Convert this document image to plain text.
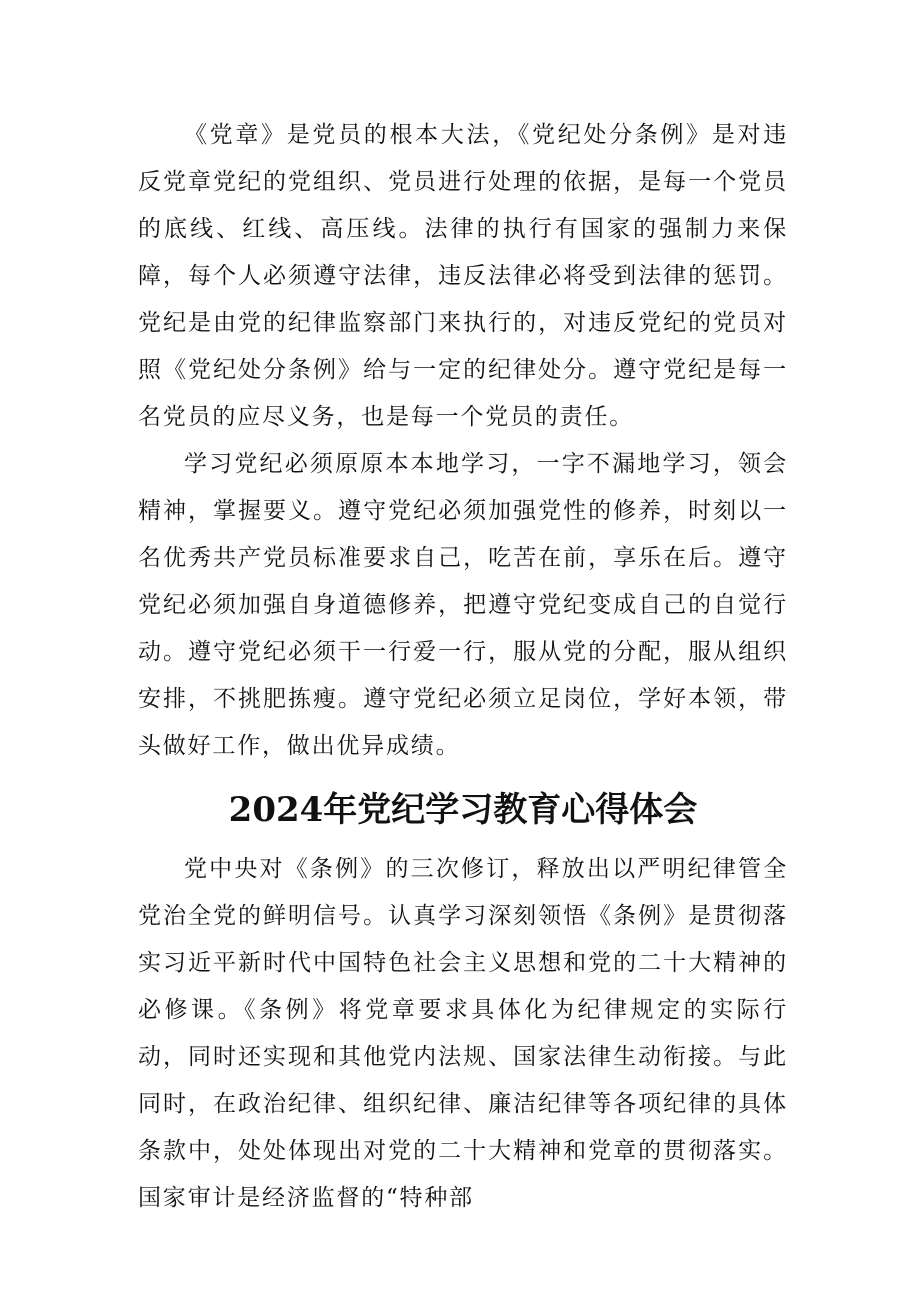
《党章》是党员的根本大法，《党纪处分条例》是对违反党章党纪的党组织、党员进行处理的依据，是每一个党员的底线、红线、高压线。法律的执行有国家的强制力来保障，每个人必须遵守法律，违反法律必将受到法律的惩罚。党纪是由党的纪律监察部门来执行的，对违反党纪的党员对照《党纪处分条例》给与一定的纪律处分。遵守党纪是每一名党员的应尽义务，也是每一个党员的责任。

学习党纪必须原原本本地学习，一字不漏地学习，领会精神，掌握要义。遵守党纪必须加强党性的修养，时刻以一名优秀共产党员标准要求自己，吃苦在前，享乐在后。遵守党纪必须加强自身道德修养，把遵守党纪变成自己的自觉行动。遵守党纪必须干一行爱一行，服从党的分配，服从组织安排，不挑肥拣瘦。遵守党纪必须立足岗位，学好本领，带头做好工作，做出优异成绩。

2024年党纪学习教育心得体会

党中央对《条例》的三次修订，释放出以严明纪律管全党治全党的鲜明信号。认真学习深刻领悟《条例》是贯彻落实习近平新时代中国特色社会主义思想和党的二十大精神的必修课。《条例》将党章要求具体化为纪律规定的实际行动，同时还实现和其他党内法规、国家法律生动衔接。与此同时，在政治纪律、组织纪律、廉洁纪律等各项纪律的具体条款中，处处体现出对党的二十大精神和党章的贯彻落实。国家审计是经济监督的“特种部
